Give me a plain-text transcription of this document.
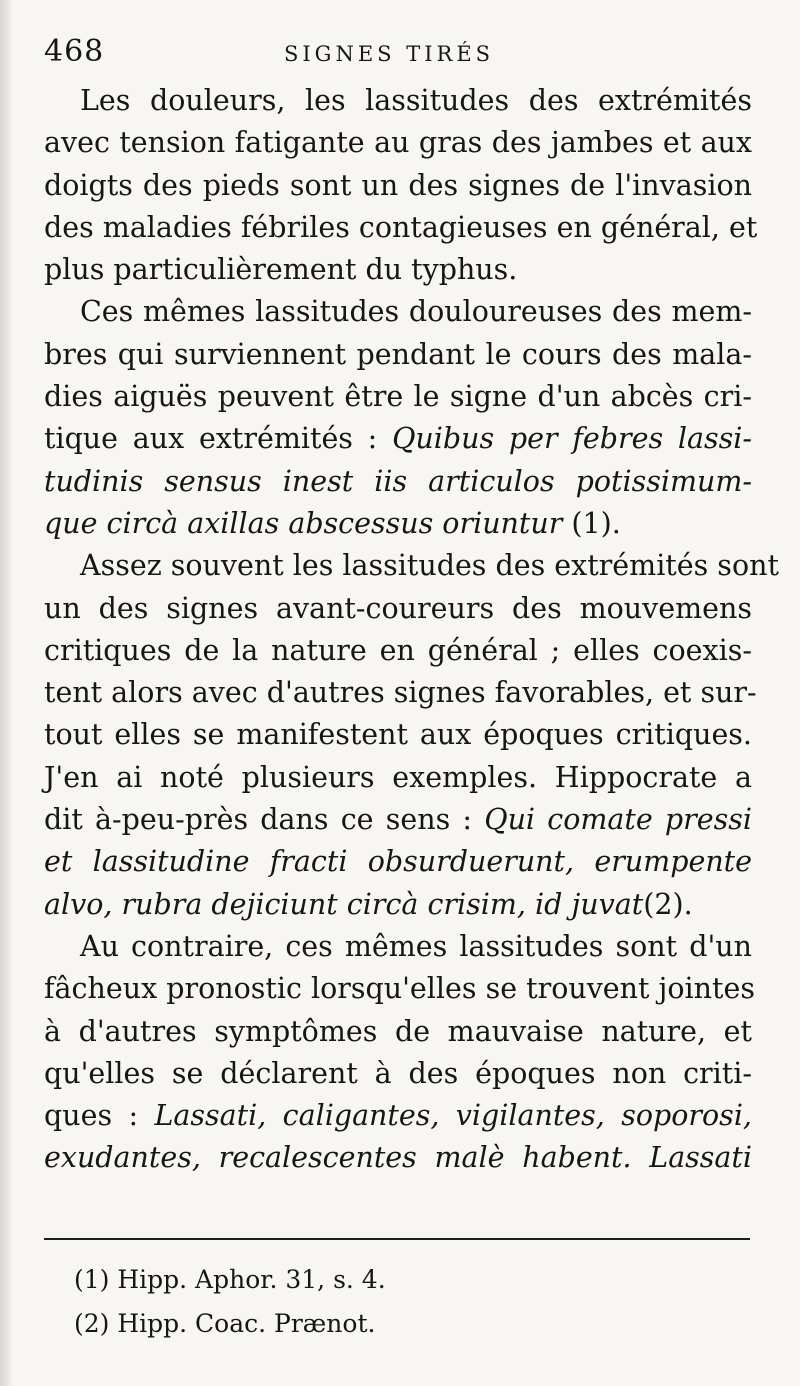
468	SIGNES TIRÉS

Les douleurs, les lassitudes des extrémités
avec tension fatigante au gras des jambes et aux
doigts des pieds sont un des signes de l'invasion
des maladies fébriles contagieuses en général, et
plus particulièrement du typhus.

Ces mêmes lassitudes douloureuses des mem-
bres qui surviennent pendant le cours des mala-
dies aiguës peuvent être le signe d'un abcès cri-
tique aux extrémités : Quibus per febres lassi-
tudinis sensus inest iis articulos potissimum-
que circà axillas abscessus oriuntur (1).

Assez souvent les lassitudes des extrémités sont
un des signes avant-coureurs des mouvemens
critiques de la nature en général ; elles coexis-
tent alors avec d'autres signes favorables, et sur-
tout elles se manifestent aux époques critiques.
J'en ai noté plusieurs exemples. Hippocrate a
dit à-peu-près dans ce sens : Qui comate pressi
et lassitudine fracti obsurduerunt, erumpente
alvo, rubra dejiciunt circà crisim, id juvat(2).

Au contraire, ces mêmes lassitudes sont d'un
fâcheux pronostic lorsqu'elles se trouvent jointes
à d'autres symptômes de mauvaise nature, et
qu'elles se déclarent à des époques non criti-
ques : Lassati, caligantes, vigilantes, soporosi,
exudantes, recalescentes malè habent. Lassati

(1) Hipp. Aphor. 31, s. 4.
(2) Hipp. Coac. Prænot.
